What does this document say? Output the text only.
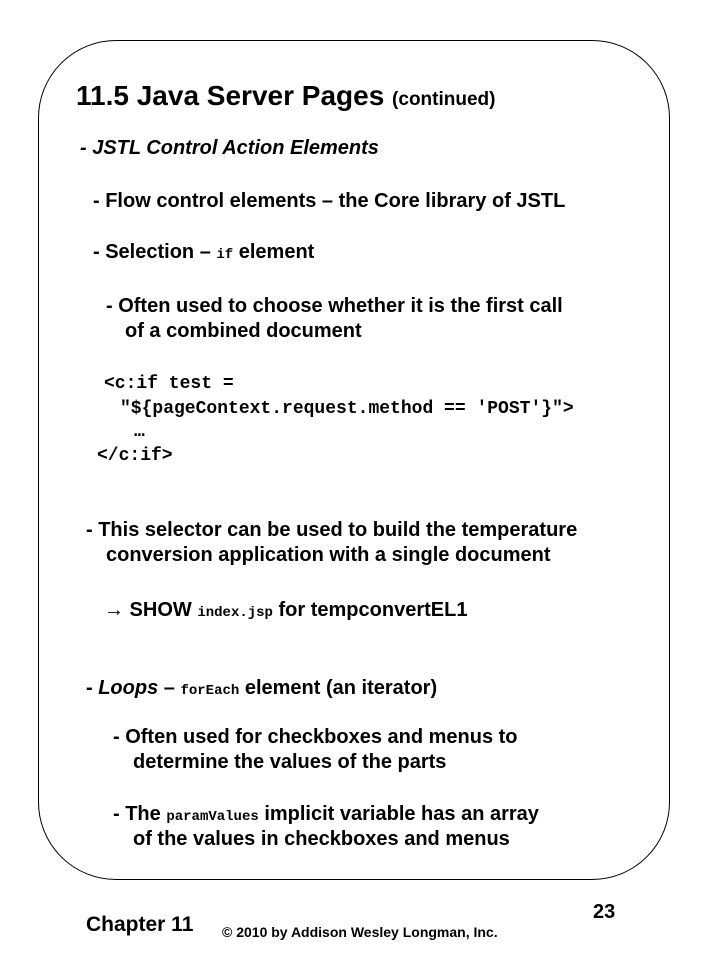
11.5 Java Server Pages (continued)
- JSTL Control Action Elements
- Flow control elements – the Core library of JSTL
- Selection – if element
- Often used to choose whether it is the first call
of a combined document
<c:if test =
"${pageContext.request.method == 'POST'}">
…
</c:if>
- This selector can be used to build the temperature
conversion application with a single document
→ SHOW index.jsp for tempconvertEL1
- Loops – forEach element (an iterator)
- Often used for checkboxes and menus to
determine the values of the parts
- The paramValues implicit variable has an array
of the values in checkboxes and menus
Chapter 11 © 2010 by Addison Wesley Longman, Inc.
23
